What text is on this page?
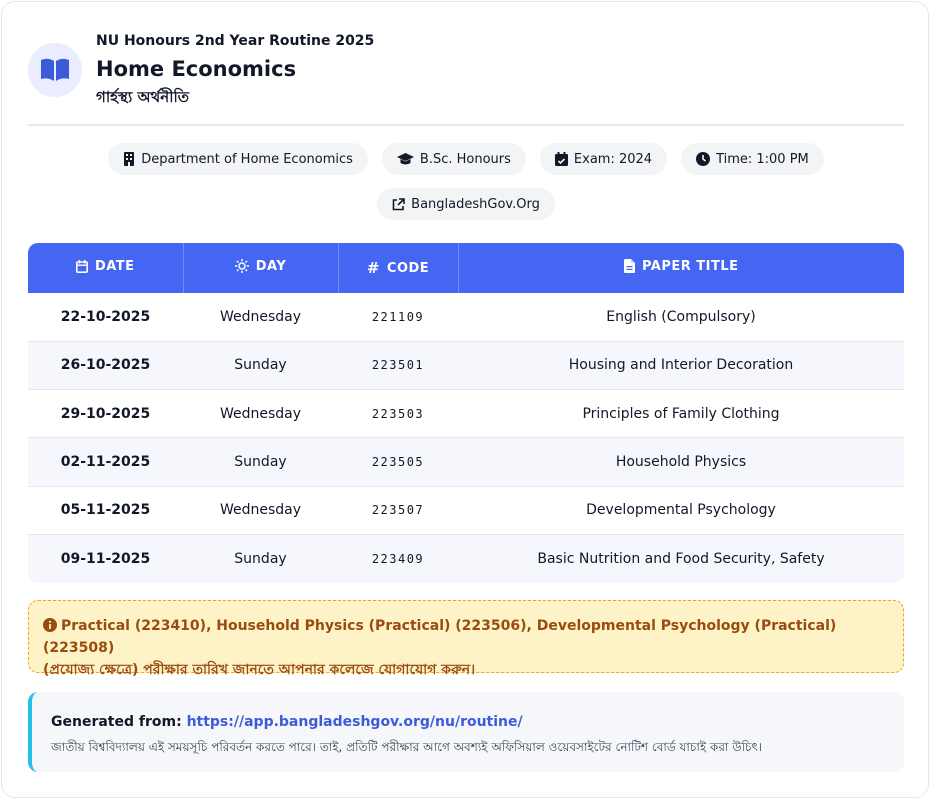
NU Honours 2nd Year Routine 2025
Home Economics
গার্হস্থ্য অর্থনীতি
Department of Home Economics	B.Sc. Honours	Exam: 2024	Time: 1:00 PM
BangladeshGov.Org
DATE	DAY	# CODE	PAPER TITLE

22-10-2025	Wednesday	221109	English (Compulsory)
26-10-2025	Sunday	223501	Housing and Interior Decoration
29-10-2025	Wednesday	223503	Principles of Family Clothing
02-11-2025	Sunday	223505	Household Physics
05-11-2025	Wednesday	223507	Developmental Psychology
09-11-2025	Sunday	223409	Basic Nutrition and Food Security, Safety
Practical (223410), Household Physics (Practical) (223506), Developmental Psychology (Practical) (223508)
(প্রযোজ্য ক্ষেত্রে) পরীক্ষার তারিখ জানতে আপনার কলেজে যোগাযোগ করুন।
Generated from: https://app.bangladeshgov.org/nu/routine/
জাতীয় বিশ্ববিদ্যালয় এই সময়সূচি পরিবর্তন করতে পারে। তাই, প্রতিটি পরীক্ষার আগে অবশ্যই অফিসিয়াল ওয়েবসাইটের নোটিশ বোর্ড যাচাই করা উচিৎ।
